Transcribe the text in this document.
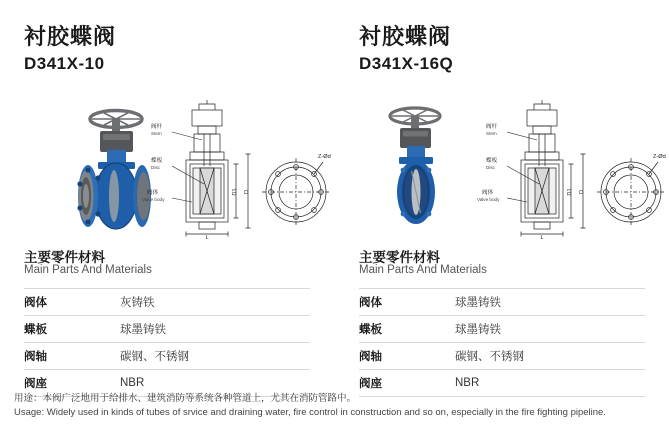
衬胶蝶阀
D341X-10
L
D1 D
阀杆
Stem
蝶板
Disc
阀体
Valve body
Z-Ød
主要零件材料
Main Parts And Materials
阀体	灰铸铁
蝶板	球墨铸铁
阀轴	碳钢、不锈钢
阀座	NBR
衬胶蝶阀
D341X-16Q
L
D1 D
阀杆
Stem
蝶板
Disc
阀体
Valve body
Z-Ød
主要零件材料
Main Parts And Materials
阀体	球墨铸铁
蝶板	球墨铸铁
阀轴	碳钢、不锈钢
阀座	NBR
用途：本阀广泛地用于给排水、建筑消防等系统各种管道上，尤其在消防管路中。
Usage: Widely used in kinds of tubes of srvice and draining water, fire control in construction and so on, especially in the fire fighting pipeline.
